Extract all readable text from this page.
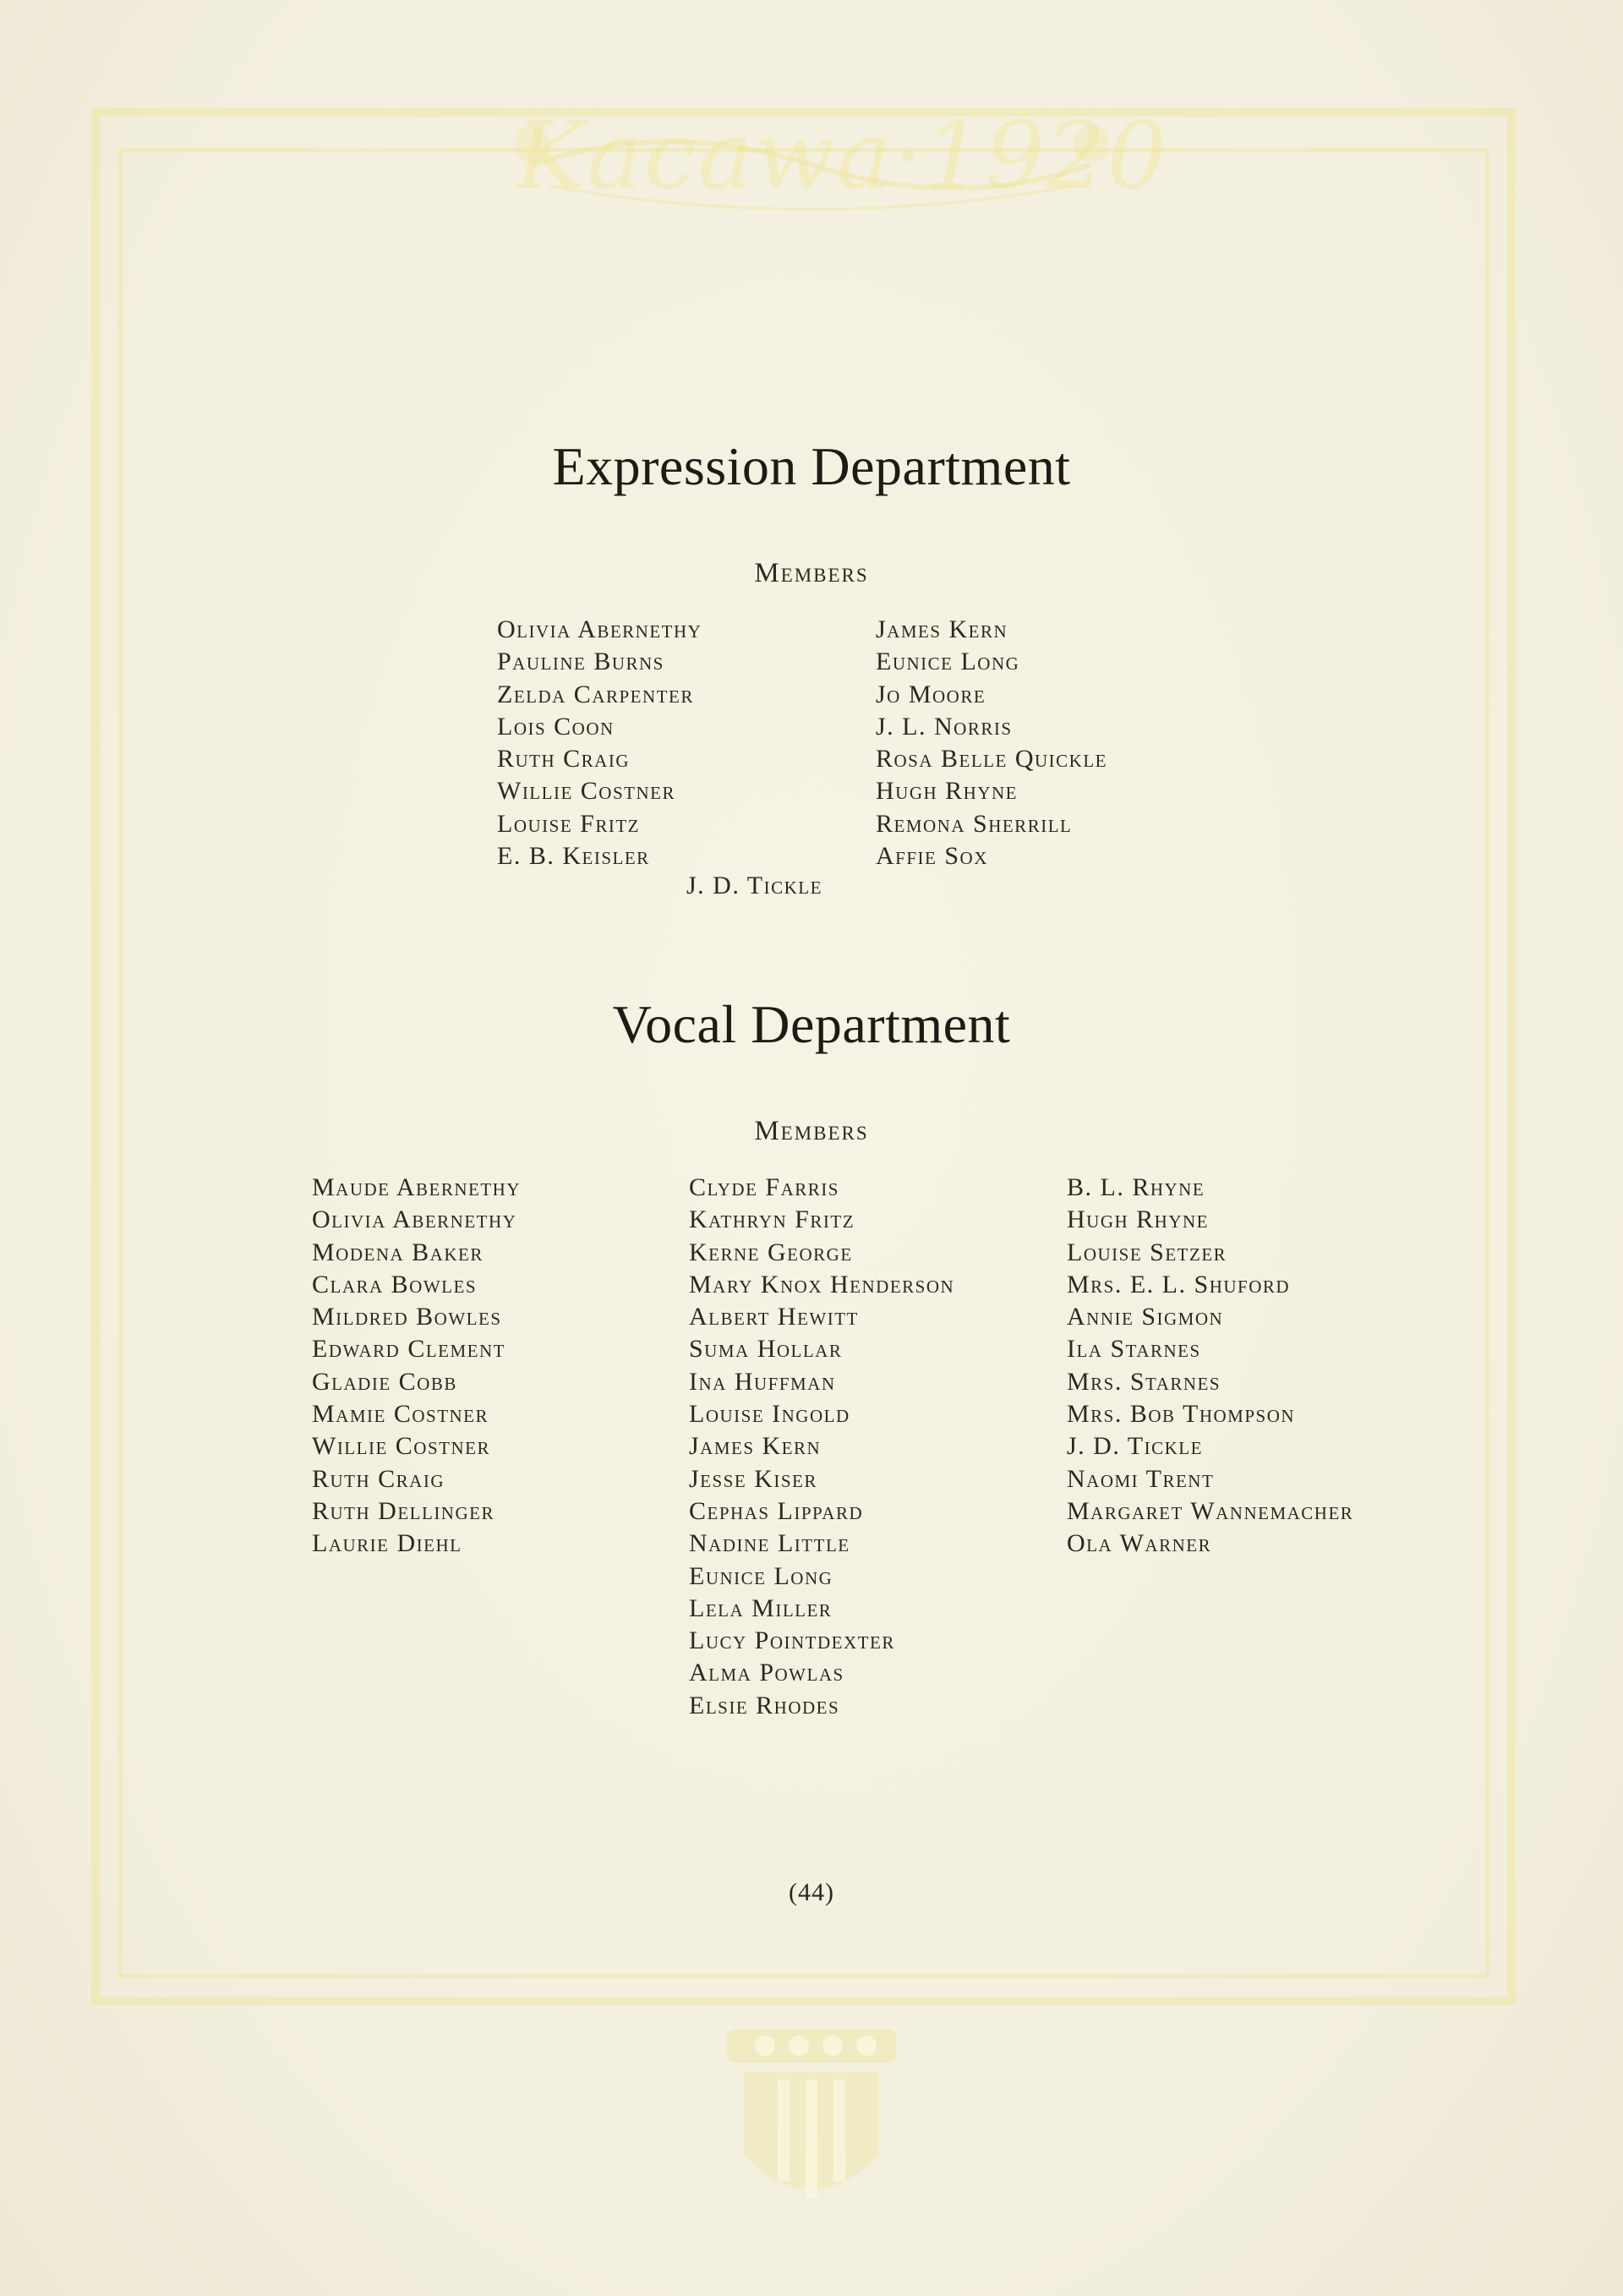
Kacawa·1920
Expression Department
Members
Olivia Abernethy
Pauline Burns
Zelda Carpenter
Lois Coon
Ruth Craig
Willie Costner
Louise Fritz
E. B. Keisler
James Kern
Eunice Long
Jo Moore
J. L. Norris
Rosa Belle Quickle
Hugh Rhyne
Remona Sherrill
Affie Sox
J. D. Tickle
Vocal Department
Members
Maude Abernethy
Olivia Abernethy
Modena Baker
Clara Bowles
Mildred Bowles
Edward Clement
Gladie Cobb
Mamie Costner
Willie Costner
Ruth Craig
Ruth Dellinger
Laurie Diehl
Clyde Farris
Kathryn Fritz
Kerne George
Mary Knox Henderson
Albert Hewitt
Suma Hollar
Ina Huffman
Louise Ingold
James Kern
Jesse Kiser
Cephas Lippard
Nadine Little
Eunice Long
Lela Miller
Lucy Pointdexter
Alma Powlas
Elsie Rhodes
B. L. Rhyne
Hugh Rhyne
Louise Setzer
Mrs. E. L. Shuford
Annie Sigmon
Ila Starnes
Mrs. Starnes
Mrs. Bob Thompson
J. D. Tickle
Naomi Trent
Margaret Wannemacher
Ola Warner
(44)
